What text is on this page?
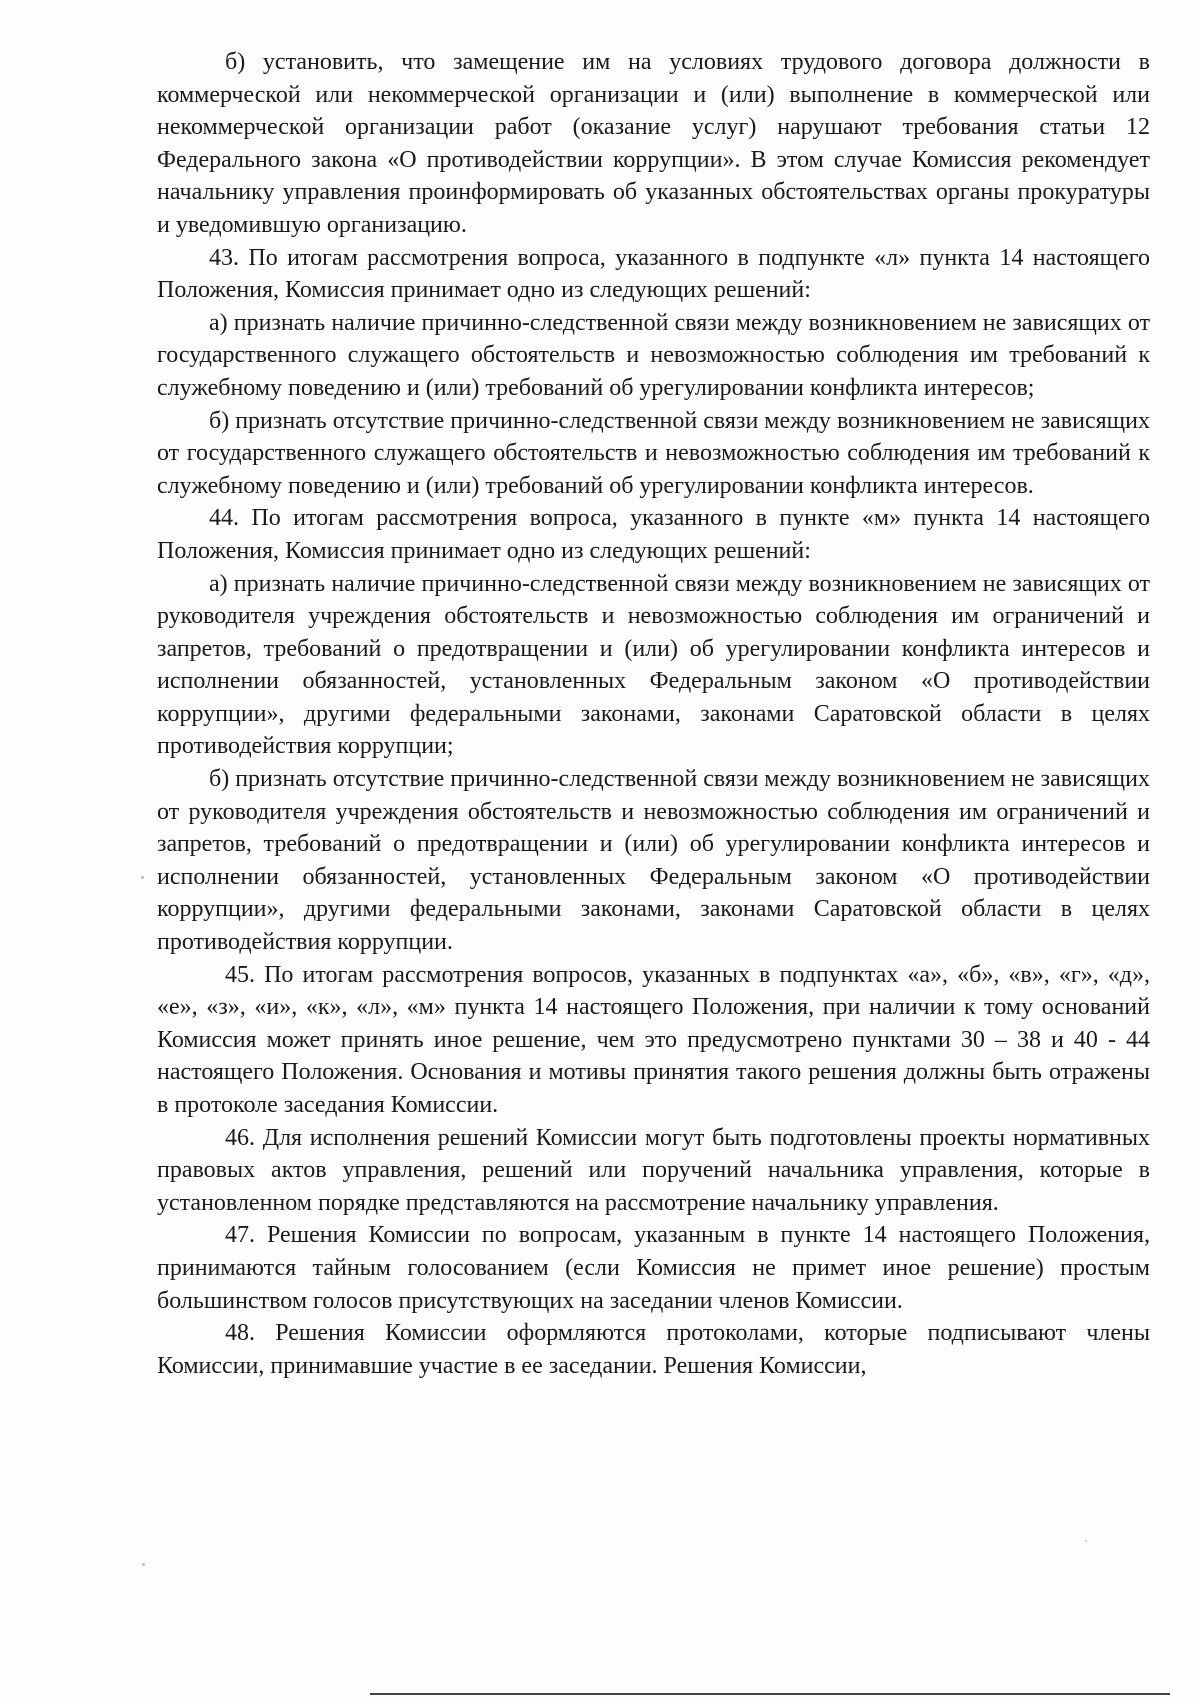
б) установить, что замещение им на условиях трудового договора должности в коммерческой или некоммерческой организации и (или) выполнение в коммерческой или некоммерческой организации работ (оказание услуг) нарушают требования статьи 12 Федерального закона «О противодействии коррупции». В этом случае Комиссия рекомендует начальнику управления проинформировать об указанных обстоятельствах органы прокуратуры и уведомившую организацию.

43. По итогам рассмотрения вопроса, указанного в подпункте «л» пункта 14 настоящего Положения, Комиссия принимает одно из следующих решений:

а) признать наличие причинно-следственной связи между возникновением не зависящих от государственного служащего обстоятельств и невозможностью соблюдения им требований к служебному поведению и (или) требований об урегулировании конфликта интересов;

б) признать отсутствие причинно-следственной связи между возникновением не зависящих от государственного служащего обстоятельств и невозможностью соблюдения им требований к служебному поведению и (или) требований об урегулировании конфликта интересов.

44. По итогам рассмотрения вопроса, указанного в пункте «м» пункта 14 настоящего Положения, Комиссия принимает одно из следующих решений:

а) признать наличие причинно-следственной связи между возникновением не зависящих от руководителя учреждения обстоятельств и невозможностью соблюдения им ограничений и запретов, требований о предотвращении и (или) об урегулировании конфликта интересов и исполнении обязанностей, установленных Федеральным законом «О противодействии коррупции», другими федеральными законами, законами Саратовской области в целях противодействия коррупции;

б) признать отсутствие причинно-следственной связи между возникновением не зависящих от руководителя учреждения обстоятельств и невозможностью соблюдения им ограничений и запретов, требований о предотвращении и (или) об урегулировании конфликта интересов и исполнении обязанностей, установленных Федеральным законом «О противодействии коррупции», другими федеральными законами, законами Саратовской области в целях противодействия коррупции.

45. По итогам рассмотрения вопросов, указанных в подпунктах «а», «б», «в», «г», «д», «е», «з», «и», «к», «л», «м» пункта 14 настоящего Положения, при наличии к тому оснований Комиссия может принять иное решение, чем это предусмотрено пунктами 30 – 38 и 40 - 44 настоящего Положения. Основания и мотивы принятия такого решения должны быть отражены в протоколе заседания Комиссии.

46. Для исполнения решений Комиссии могут быть подготовлены проекты нормативных правовых актов управления, решений или поручений начальника управления, которые в установленном порядке представляются на рассмотрение начальнику управления.

47. Решения Комиссии по вопросам, указанным в пункте 14 настоящего Положения, принимаются тайным голосованием (если Комиссия не примет иное решение) простым большинством голосов присутствующих на заседании членов Комиссии.

48. Решения Комиссии оформляются протоколами, которые подписывают члены Комиссии, принимавшие участие в ее заседании. Решения Комиссии,
